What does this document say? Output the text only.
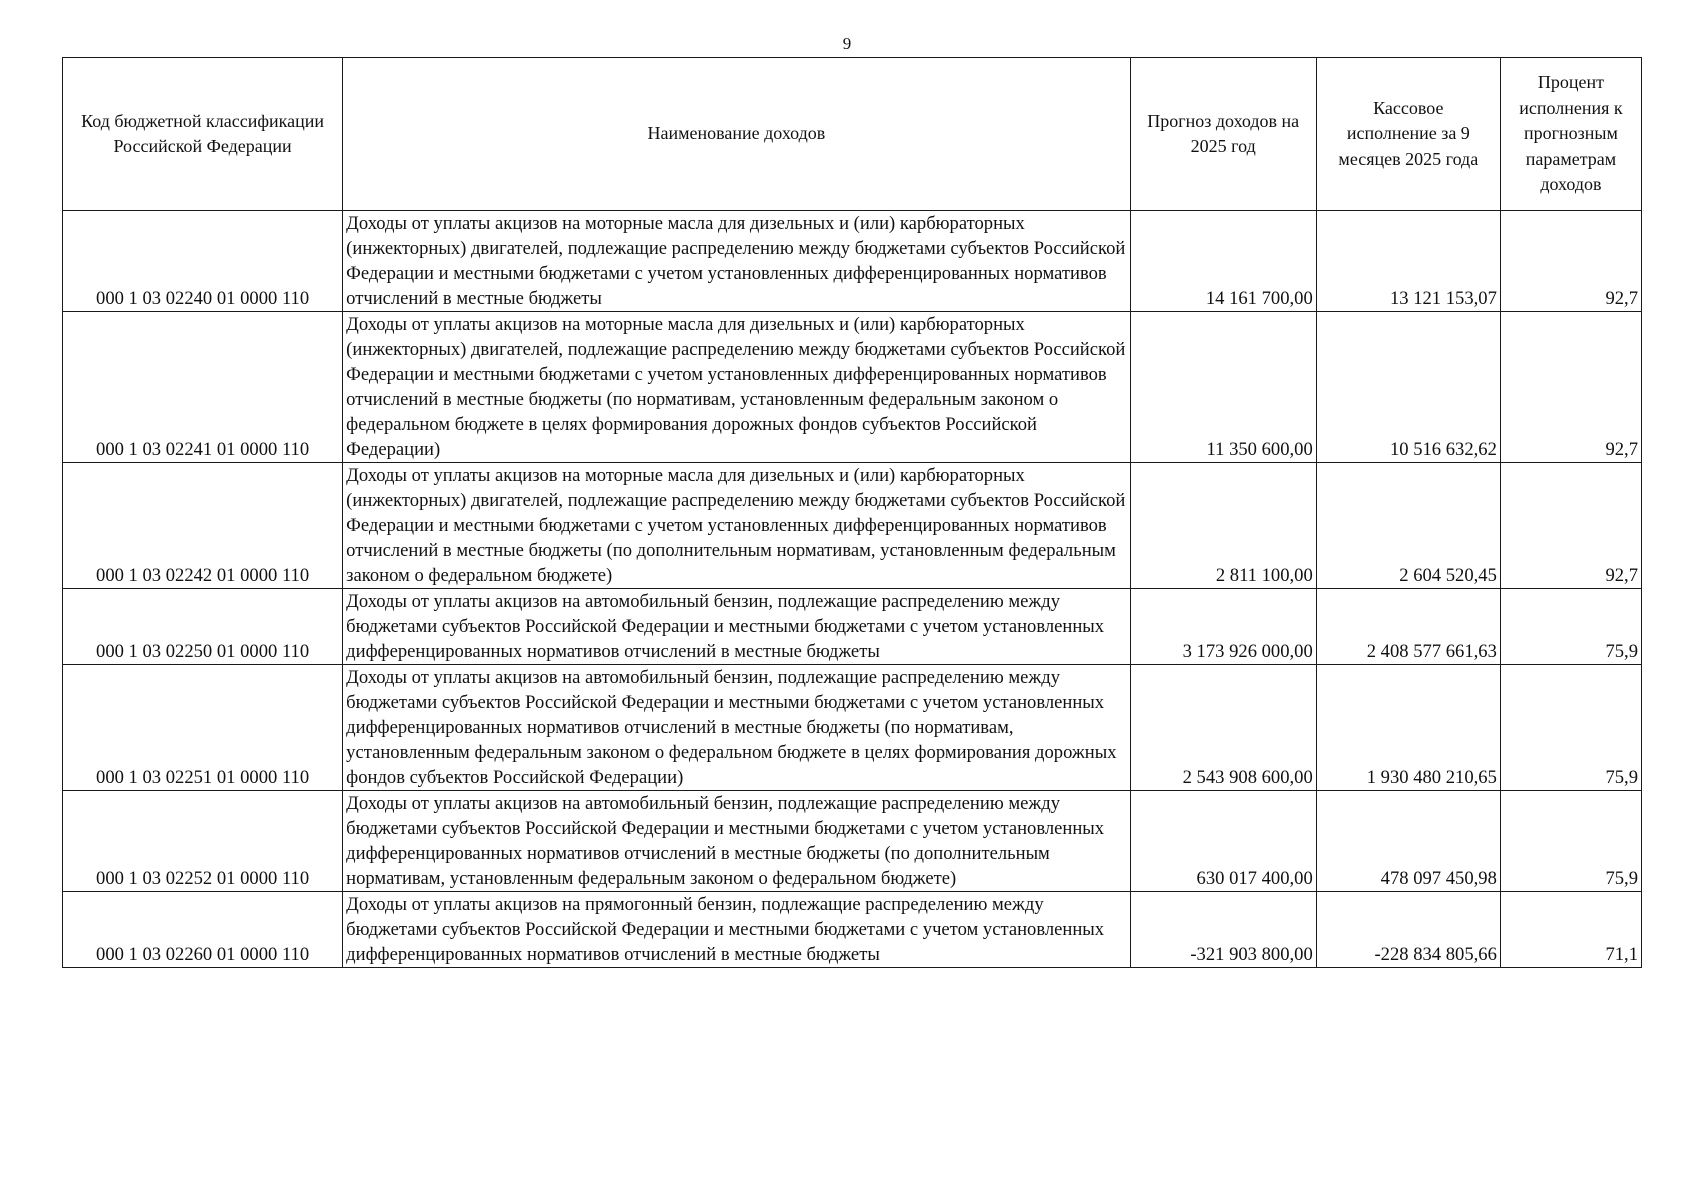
9
Код бюджетной классификации Российской Федерации	Наименование доходов	Прогноз доходов на 2025 год	Кассовое исполнение за 9 месяцев 2025 года	Процент исполнения к прогнозным параметрам доходов
000 1 03 02240 01 0000 110	Доходы от уплаты акцизов на моторные масла для дизельных и (или) карбюраторных (инжекторных) двигателей, подлежащие распределению между бюджетами субъектов Российской Федерации и местными бюджетами с учетом установленных дифференцированных нормативов отчислений в местные бюджеты	14 161 700,00	13 121 153,07	92,7
000 1 03 02241 01 0000 110	Доходы от уплаты акцизов на моторные масла для дизельных и (или) карбюраторных (инжекторных) двигателей, подлежащие распределению между бюджетами субъектов Российской Федерации и местными бюджетами с учетом установленных дифференцированных нормативов отчислений в местные бюджеты (по нормативам, установленным федеральным законом о федеральном бюджете в целях формирования дорожных фондов субъектов Российской Федерации)	11 350 600,00	10 516 632,62	92,7
000 1 03 02242 01 0000 110	Доходы от уплаты акцизов на моторные масла для дизельных и (или) карбюраторных (инжекторных) двигателей, подлежащие распределению между бюджетами субъектов Российской Федерации и местными бюджетами с учетом установленных дифференцированных нормативов отчислений в местные бюджеты (по дополнительным нормативам, установленным федеральным законом о федеральном бюджете)	2 811 100,00	2 604 520,45	92,7
000 1 03 02250 01 0000 110	Доходы от уплаты акцизов на автомобильный бензин, подлежащие распределению между бюджетами субъектов Российской Федерации и местными бюджетами с учетом установленных дифференцированных нормативов отчислений в местные бюджеты	3 173 926 000,00	2 408 577 661,63	75,9
000 1 03 02251 01 0000 110	Доходы от уплаты акцизов на автомобильный бензин, подлежащие распределению между бюджетами субъектов Российской Федерации и местными бюджетами с учетом установленных дифференцированных нормативов отчислений в местные бюджеты (по нормативам, установленным федеральным законом о федеральном бюджете в целях формирования дорожных фондов субъектов Российской Федерации)	2 543 908 600,00	1 930 480 210,65	75,9
000 1 03 02252 01 0000 110	Доходы от уплаты акцизов на автомобильный бензин, подлежащие распределению между бюджетами субъектов Российской Федерации и местными бюджетами с учетом установленных дифференцированных нормативов отчислений в местные бюджеты (по дополнительным нормативам, установленным федеральным законом о федеральном бюджете)	630 017 400,00	478 097 450,98	75,9
000 1 03 02260 01 0000 110	Доходы от уплаты акцизов на прямогонный бензин, подлежащие распределению между бюджетами субъектов Российской Федерации и местными бюджетами с учетом установленных дифференцированных нормативов отчислений в местные бюджеты	-321 903 800,00	-228 834 805,66	71,1
